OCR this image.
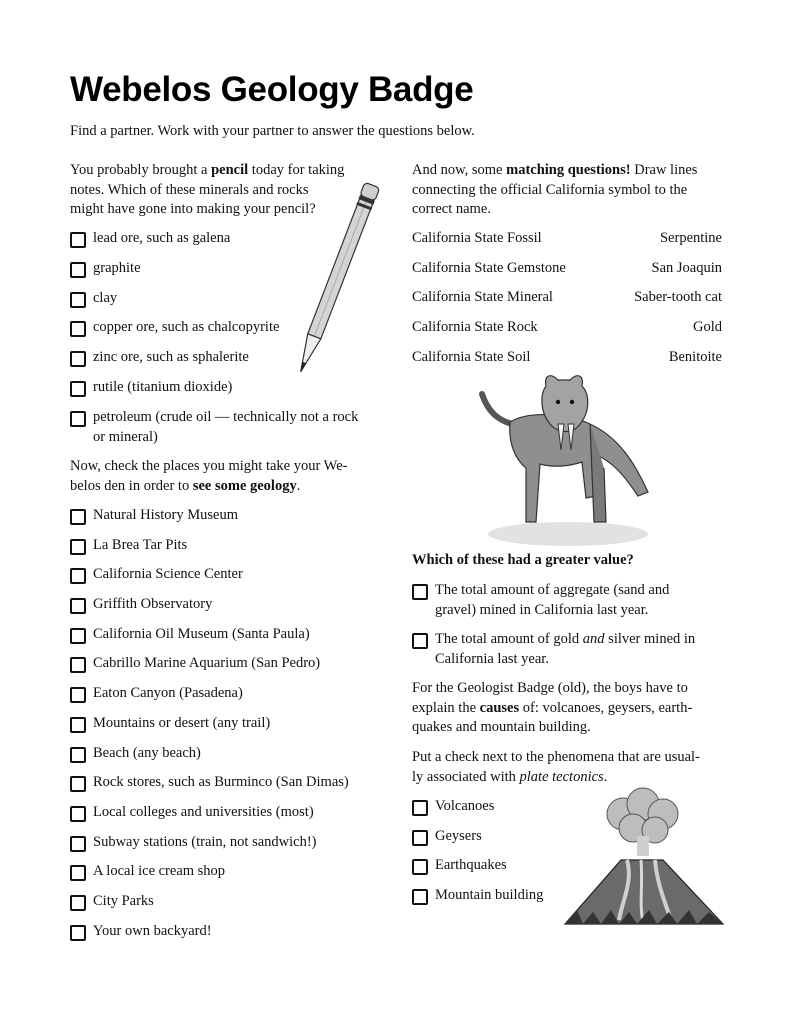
Webelos Geology Badge

Find a partner. Work with your partner to answer the questions below.

You probably brought a pencil today for taking
notes. Which of these minerals and rocks
might have gone into making your pencil?
lead ore, such as galena
graphite
clay
copper ore, such as chalcopyrite
zinc ore, such as sphalerite
rutile (titanium dioxide)
petroleum (crude oil — technically not a rock
or mineral)
Now, check the places you might take your We-
belos den in order to see some geology.
Natural History Museum
La Brea Tar Pits
California Science Center
Griffith Observatory
California Oil Museum (Santa Paula)
Cabrillo Marine Aquarium (San Pedro)
Eaton Canyon (Pasadena)
Mountains or desert (any trail)
Beach (any beach)
Rock stores, such as Burminco (San Dimas)
Local colleges and universities (most)
Subway stations (train, not sandwich!)
A local ice cream shop
City Parks
Your own backyard!
And now, some matching questions! Draw lines
connecting the official California symbol to the
correct name.
California State Fossil	Serpentine
California State Gemstone	San Joaquin
California State Mineral	Saber-tooth cat
California State Rock	Gold
California State Soil	Benitoite
Which of these had a greater value?
The total amount of aggregate (sand and
gravel) mined in California last year.
The total amount of gold and silver mined in
California last year.
For the Geologist Badge (old), the boys have to
explain the causes of: volcanoes, geysers, earth-
quakes and mountain building.
Put a check next to the phenomena that are usual-
ly associated with plate tectonics.
Volcanoes
Geysers
Earthquakes
Mountain building
